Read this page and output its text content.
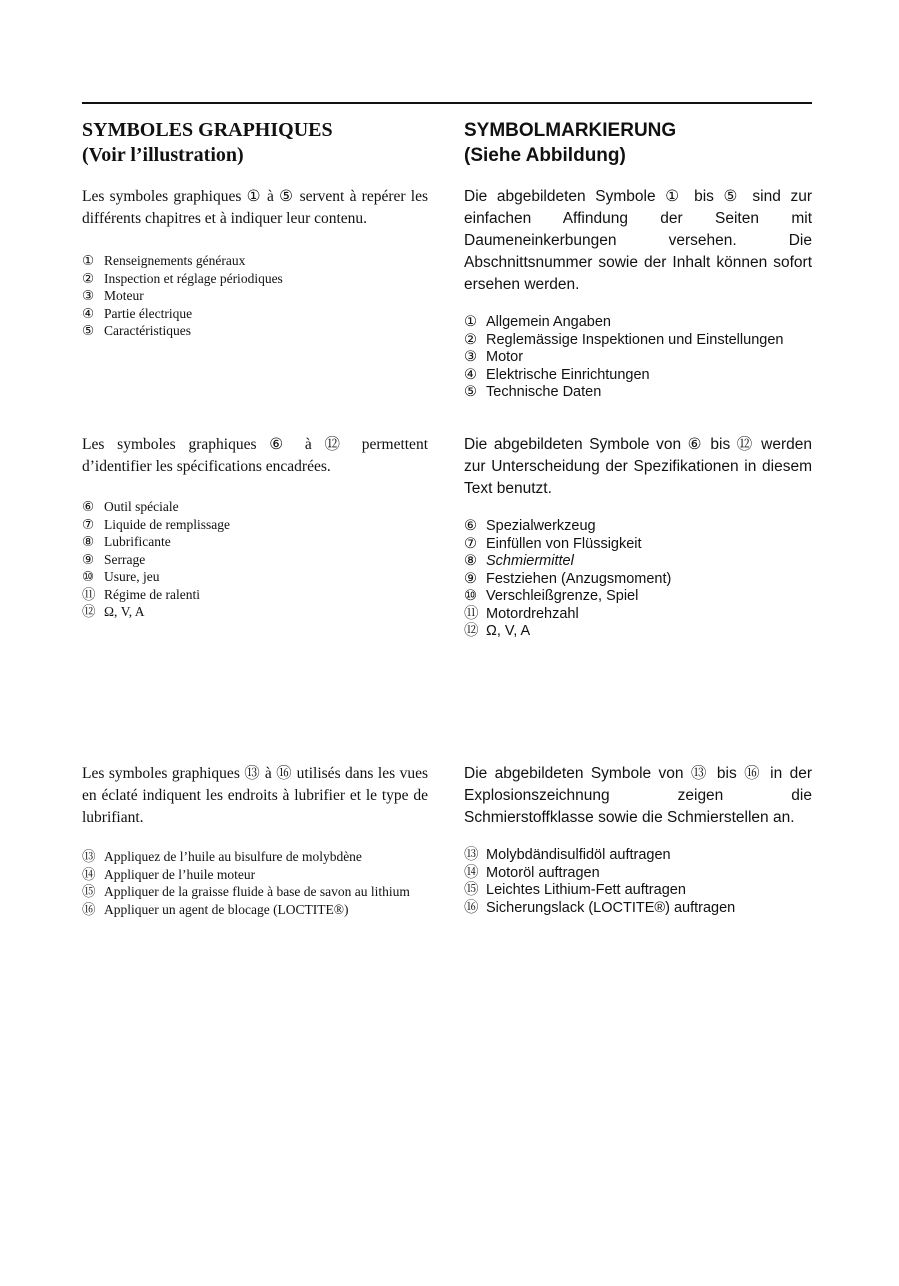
SYMBOLES GRAPHIQUES
(Voir l’illustration)

Les symboles graphiques ① à ⑤ servent à repérer les différents chapitres et à indiquer leur contenu.

① Renseignements généraux
② Inspection et réglage périodiques
③ Moteur
④ Partie électrique
⑤ Caractéristiques

Les symboles graphiques ⑥ à ⑫ permettent d’identifier les spécifications encadrées.

⑥ Outil spéciale
⑦ Liquide de remplissage
⑧ Lubrificante
⑨ Serrage
⑩ Usure, jeu
⑪ Régime de ralenti
⑫ Ω, V, A

Les symboles graphiques ⑬ à ⑯ utilisés dans les vues en éclaté indiquent les endroits à lubrifier et le type de lubrifiant.

⑬ Appliquez de l’huile au bisulfure de molybdène
⑭ Appliquer de l’huile moteur
⑮ Appliquer de la graisse fluide à base de savon au lithium
⑯ Appliquer un agent de blocage (LOCTITE®)
SYMBOLMARKIERUNG
(Siehe Abbildung)

Die abgebildeten Symbole ① bis ⑤ sind zur einfachen Affindung der Seiten mit Daumeneinkerbungen versehen. Die Abschnittsnummer sowie der Inhalt können sofort ersehen werden.

① Allgemein Angaben
② Reglemässige Inspektionen und Einstellungen
③ Motor
④ Elektrische Einrichtungen
⑤ Technische Daten

Die abgebildeten Symbole von ⑥ bis ⑫ werden zur Unterscheidung der Spezifikationen in diesem Text benutzt.

⑥ Spezialwerkzeug
⑦ Einfüllen von Flüssigkeit
⑧ Schmiermittel
⑨ Festziehen (Anzugsmoment)
⑩ Verschleißgrenze, Spiel
⑪ Motordrehzahl
⑫ Ω, V, A

Die abgebildeten Symbole von ⑬ bis ⑯ in der Explosionszeichnung zeigen die Schmierstoffklasse sowie die Schmierstellen an.

⑬ Molybdändisulfidöl auftragen
⑭ Motoröl auftragen
⑮ Leichtes Lithium-Fett auftragen
⑯ Sicherungslack (LOCTITE®) auftragen
